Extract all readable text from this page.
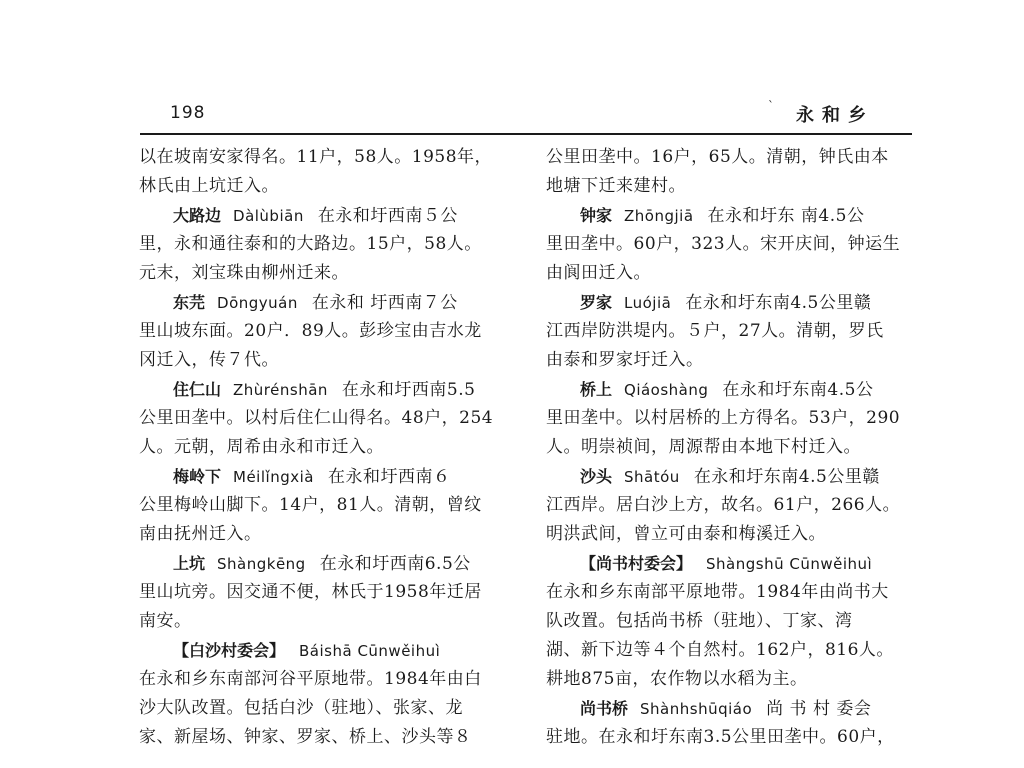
198	` 永和乡
以在坡南安家得名。11户，58人。1958年，
林氏由上坑迁入。
大路边 Dàlùbiān 在永和圩西南５公
里，永和通往泰和的大路边。15户，58人。
元末，刘宝珠由柳州迁来。
东芫 Dōngyuán 在永和 圩西南７公
里山坡东面。20户．89人。彭珍宝由吉水龙
冈迁入，传７代。
住仁山 Zhùrénshān 在永和圩西南5.5
公里田垄中。以村后住仁山得名。48户，254
人。元朝，周希由永和市迁入。
梅岭下 Méilǐngxià 在永和圩西南６
公里梅岭山脚下。14户，81人。清朝，曾纹
南由抚州迁入。
上坑 Shàngkēng 在永和圩西南6.5公
里山坑旁。因交通不便，林氏于1958年迁居
南安。
【白沙村委会】 Báishā Cūnwěihuì
在永和乡东南部河谷平原地带。1984年由白
沙大队改置。包括白沙（驻地）、张家、龙
家、新屋场、钟家、罗家、桥上、沙头等８
公里田垄中。16户，65人。清朝，钟氏由本
地塘下迁来建村。
钟家 Zhōngjiā 在永和圩东 南4.5公
里田垄中。60户，323人。宋开庆间，钟运生
由阆田迁入。
罗家 Luójiā 在永和圩东南4.5公里赣
江西岸防洪堤内。５户，27人。清朝，罗氏
由泰和罗家圩迁入。
桥上 Qiáoshàng 在永和圩东南4.5公
里田垄中。以村居桥的上方得名。53户，290
人。明崇祯间，周源帮由本地下村迁入。
沙头 Shātóu 在永和圩东南4.5公里赣
江西岸。居白沙上方，故名。61户，266人。
明洪武间，曾立可由泰和梅溪迁入。
【尚书村委会】 Shàngshū Cūnwěihuì
在永和乡东南部平原地带。1984年由尚书大
队改置。包括尚书桥（驻地）、丁家、湾
湖、新下边等４个自然村。162户，816人。
耕地875亩，农作物以水稻为主。
尚书桥 Shànhshūqiáo 尚 书 村 委会
驻地。在永和圩东南3.5公里田垄中。60户，
